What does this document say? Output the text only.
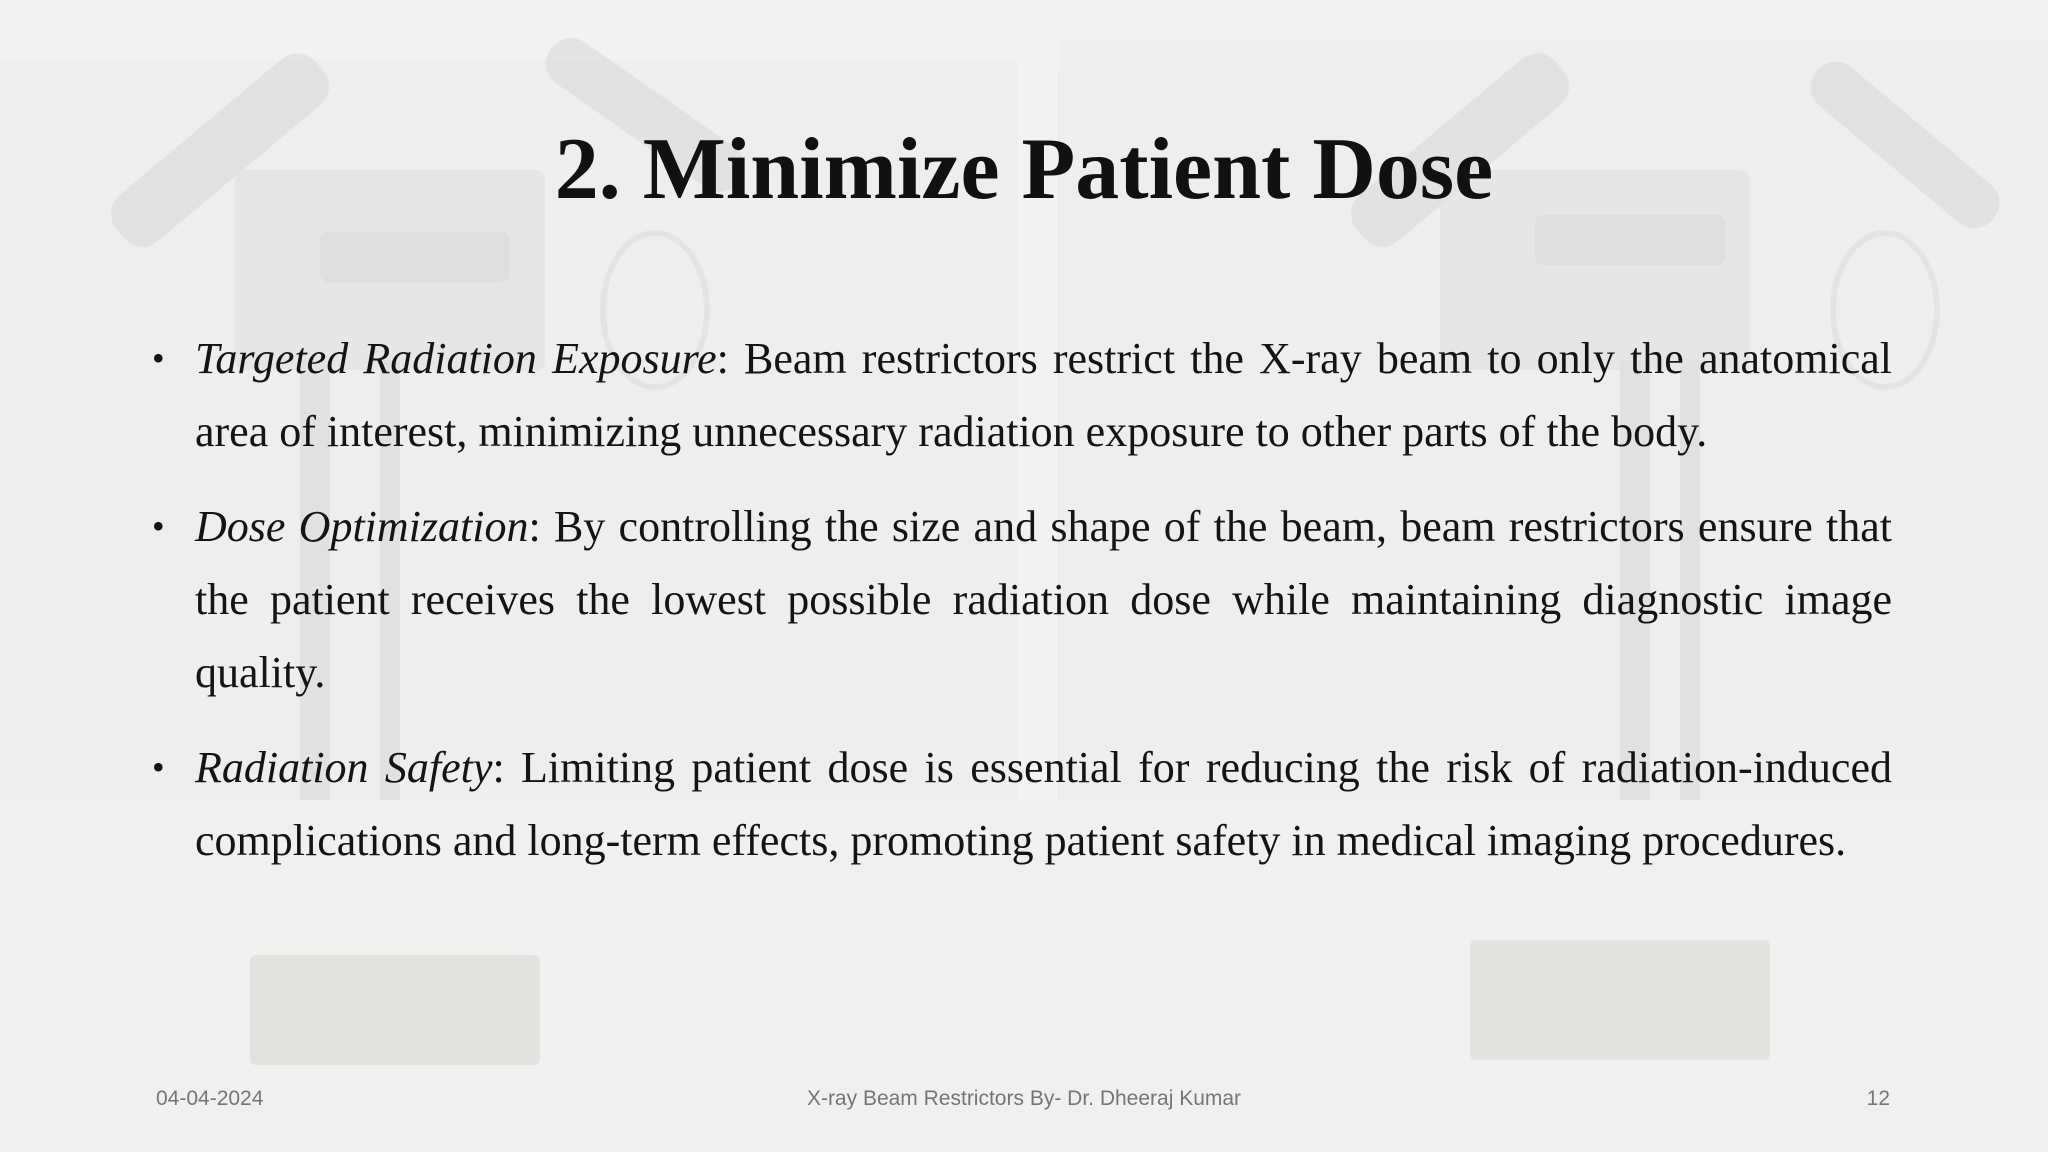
2. Minimize Patient Dose
• Targeted Radiation Exposure: Beam restrictors restrict the X-ray beam to only the anatomical area of interest, minimizing unnecessary radiation exposure to other parts of the body.
• Dose Optimization: By controlling the size and shape of the beam, beam restrictors ensure that the patient receives the lowest possible radiation dose while maintaining diagnostic image quality.
• Radiation Safety: Limiting patient dose is essential for reducing the risk of radiation-induced complications and long-term effects, promoting patient safety in medical imaging procedures.
04-04-2024	X-ray Beam Restrictors By- Dr. Dheeraj Kumar	12
